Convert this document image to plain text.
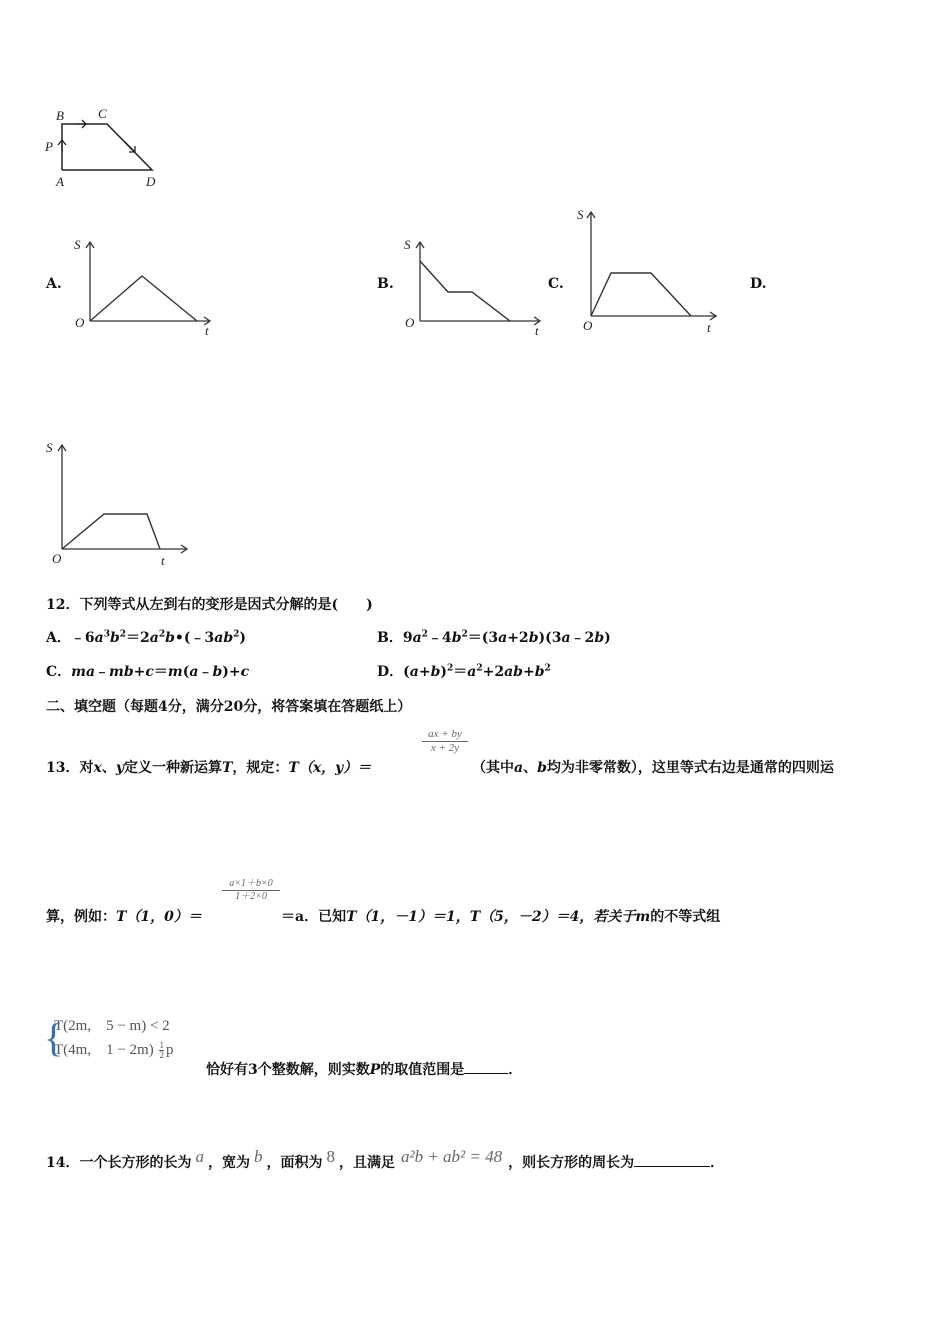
B	C
P
A	D
A.	B.	C.	D.
S
O
t
S
O
t
S
O	t
S
O	t
12．下列等式从左到右的变形是因式分解的是(　　)
A．$﹣6a^3b^2=2a^2b•(﹣3ab^2)$	B．$9a^2﹣4b^2=(3a+2b)(3a﹣2b)$
C．ma﹣mb+c＝m(a﹣b)+c	D．$(a+b)^2=a^2+2ab+b^2$
二、填空题（每题4分，满分20分，将答案填在答题纸上）
$\frac{ax + by}{x + 2y}$
13．对x、y定义一种新运算T，规定：T（x，y）＝	（其中a、b均为非零常数），这里等式右边是通常的四则运
$\frac{a\times 1+b\times 0}{1+2\times 0}$
算，例如：T（1，0）＝	＝a．已知T（1，－1）＝1，T（5，－2）＝4，若关于m的不等式组
{
T(2m,　5 − m) < 2
T(4m,　$1 - 2m) \frac{1}{2}$ p
恰好有3个整数解，则实数P的取值范围是	．
14．一个长方形的长为 a ，宽为 b ，面积为 8 ，且满足 a²b + ab² = 48 ，则长方形的周长为	．
